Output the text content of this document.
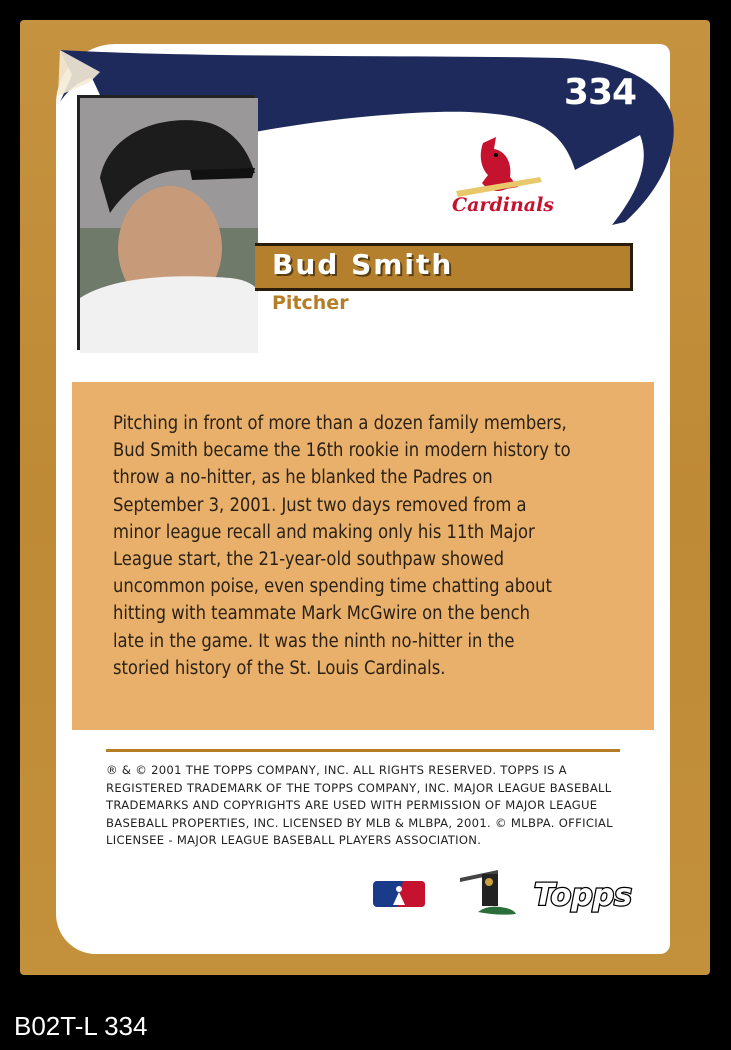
334
Cardinals
Bud Smith
Pitcher
Pitching in front of more than a dozen family members,
Bud Smith became the 16th rookie in modern history to
throw a no-hitter, as he blanked the Padres on
September 3, 2001. Just two days removed from a
minor league recall and making only his 11th Major
League start, the 21-year-old southpaw showed
uncommon poise, even spending time chatting about
hitting with teammate Mark McGwire on the bench
late in the game. It was the ninth no-hitter in the
storied history of the St. Louis Cardinals.
® & © 2001 THE TOPPS COMPANY, INC. ALL RIGHTS RESERVED. TOPPS IS A
REGISTERED TRADEMARK OF THE TOPPS COMPANY, INC. MAJOR LEAGUE BASEBALL
TRADEMARKS AND COPYRIGHTS ARE USED WITH PERMISSION OF MAJOR LEAGUE
BASEBALL PROPERTIES, INC. LICENSED BY MLB & MLBPA, 2001. © MLBPA. OFFICIAL
LICENSEE - MAJOR LEAGUE BASEBALL PLAYERS ASSOCIATION.
Topps
B02T-L 334
